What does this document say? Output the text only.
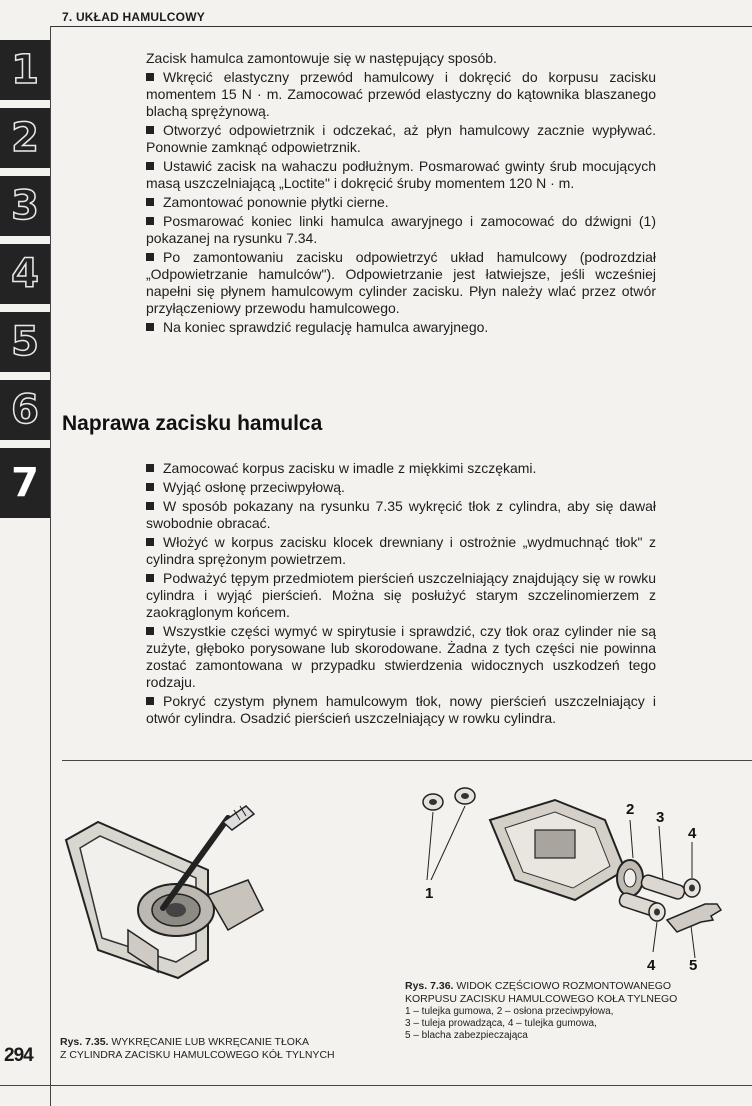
7. UKŁAD HAMULCOWY
1
2
3
4
5
6
7

Zacisk hamulca zamontowuje się w następujący sposób.

Wkręcić elastyczny przewód hamulcowy i dokręcić do korpusu zacisku momentem 15 N · m. Zamocować przewód elastyczny do kątownika blaszanego blachą sprężynową.

Otworzyć odpowietrznik i odczekać, aż płyn hamulcowy zacznie wypływać. Ponownie zamknąć odpowietrznik.

Ustawić zacisk na wahaczu podłużnym. Posmarować gwinty śrub mocujących masą uszczelniającą „Loctite" i dokręcić śruby momentem 120 N · m.

Zamontować ponownie płytki cierne.

Posmarować koniec linki hamulca awaryjnego i zamocować do dźwigni (1) pokazanej na rysunku 7.34.

Po zamontowaniu zacisku odpowietrzyć układ hamulcowy (podrozdział „Odpowietrzanie hamulców"). Odpowietrzanie jest łatwiejsze, jeśli wcześniej napełni się płynem hamulcowym cylinder zacisku. Płyn należy wlać przez otwór przyłączeniowy przewodu hamulcowego.

Na koniec sprawdzić regulację hamulca awaryjnego.

Naprawa zacisku hamulca

Zamocować korpus zacisku w imadle z miękkimi szczękami.

Wyjąć osłonę przeciwpyłową.

W sposób pokazany na rysunku 7.35 wykręcić tłok z cylindra, aby się dawał swobodnie obracać.

Włożyć w korpus zacisku klocek drewniany i ostrożnie „wydmuchnąć tłok" z cylindra sprężonym powietrzem.

Podważyć tępym przedmiotem pierścień uszczelniający znajdujący się w rowku cylindra i wyjąć pierścień. Można się posłużyć starym szczelinomierzem z zaokrąglonym końcem.

Wszystkie części wymyć w spirytusie i sprawdzić, czy tłok oraz cylinder nie są zużyte, głęboko porysowane lub skorodowane. Żadna z tych części nie powinna zostać zamontowana w przypadku stwierdzenia widocznych uszkodzeń tego rodzaju.

Pokryć czystym płynem hamulcowym tłok, nowy pierścień uszczelniający i otwór cylindra. Osadzić pierścień uszczelniający w rowku cylindra.

Rys. 7.35. WYKRĘCANIE LUB WKRĘCANIE TŁOKA
Z CYLINDRA ZACISKU HAMULCOWEGO KÓŁ TYLNYCH
1
2 3
4
4 5
Rys. 7.36. WIDOK CZĘŚCIOWO ROZMONTOWANEGO
KORPUSU ZACISKU HAMULCOWEGO KOŁA TYLNEGO
1 – tulejka gumowa, 2 – osłona przeciwpyłowa,
3 – tuleja prowadząca, 4 – tulejka gumowa,
5 – blacha zabezpieczająca
294
